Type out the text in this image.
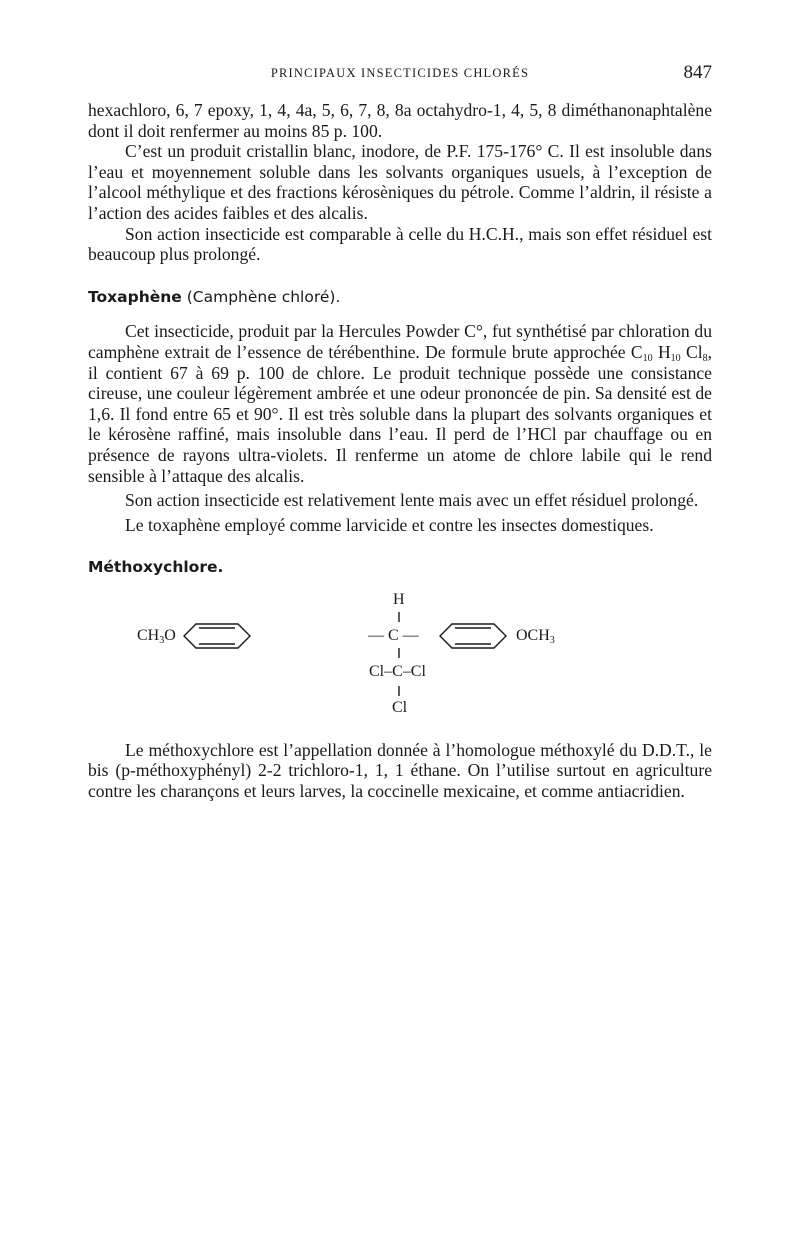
PRINCIPAUX INSECTICIDES CHLORÉS	847

hexachloro, 6, 7 epoxy, 1, 4, 4a, 5, 6, 7, 8, 8a octahydro-1, 4, 5, 8 diméthanonaphtalène dont il doit renfermer au moins 85 p. 100.

C’est un produit cristallin blanc, inodore, de P.F. 175-176° C. Il est insoluble dans l’eau et moyennement soluble dans les solvants organiques usuels, à l’exception de l’alcool méthylique et des fractions kérosèniques du pétrole. Comme l’aldrin, il résiste a l’action des acides faibles et des alcalis.

Son action insecticide est comparable à celle du H.C.H., mais son effet résiduel est beaucoup plus prolongé.

Toxaphène (Camphène chloré).

Cet insecticide, produit par la Hercules Powder C°, fut synthétisé par chloration du camphène extrait de l’essence de térébenthine. De formule brute approchée $C_{10}$ $H_{10}$ $Cl_8$, il contient 67 à 69 p. 100 de chlore. Le produit technique possède une consistance cireuse, une couleur légèrement ambrée et une odeur prononcée de pin. Sa densité est de 1,6. Il fond entre 65 et 90°. Il est très soluble dans la plupart des solvants organiques et le kérosène raffiné, mais insoluble dans l’eau. Il perd de l’HCl par chauffage ou en présence de rayons ultra-violets. Il renferme un atome de chlore labile qui le rend sensible à l’attaque des alcalis.

Son action insecticide est relativement lente mais avec un effet résiduel prolongé.

Le toxaphène employé comme larvicide et contre les insectes domestiques.

Méthoxychlore.
H
$CH_3O$	— C —	$OCH_3$
Cl–C–Cl
Cl

Le méthoxychlore est l’appellation donnée à l’homologue méthoxylé du D.D.T., le bis (p-méthoxyphényl) 2-2 trichloro-1, 1, 1 éthane. On l’utilise surtout en agriculture contre les charançons et leurs larves, la coccinelle mexicaine, et comme antiacridien.
